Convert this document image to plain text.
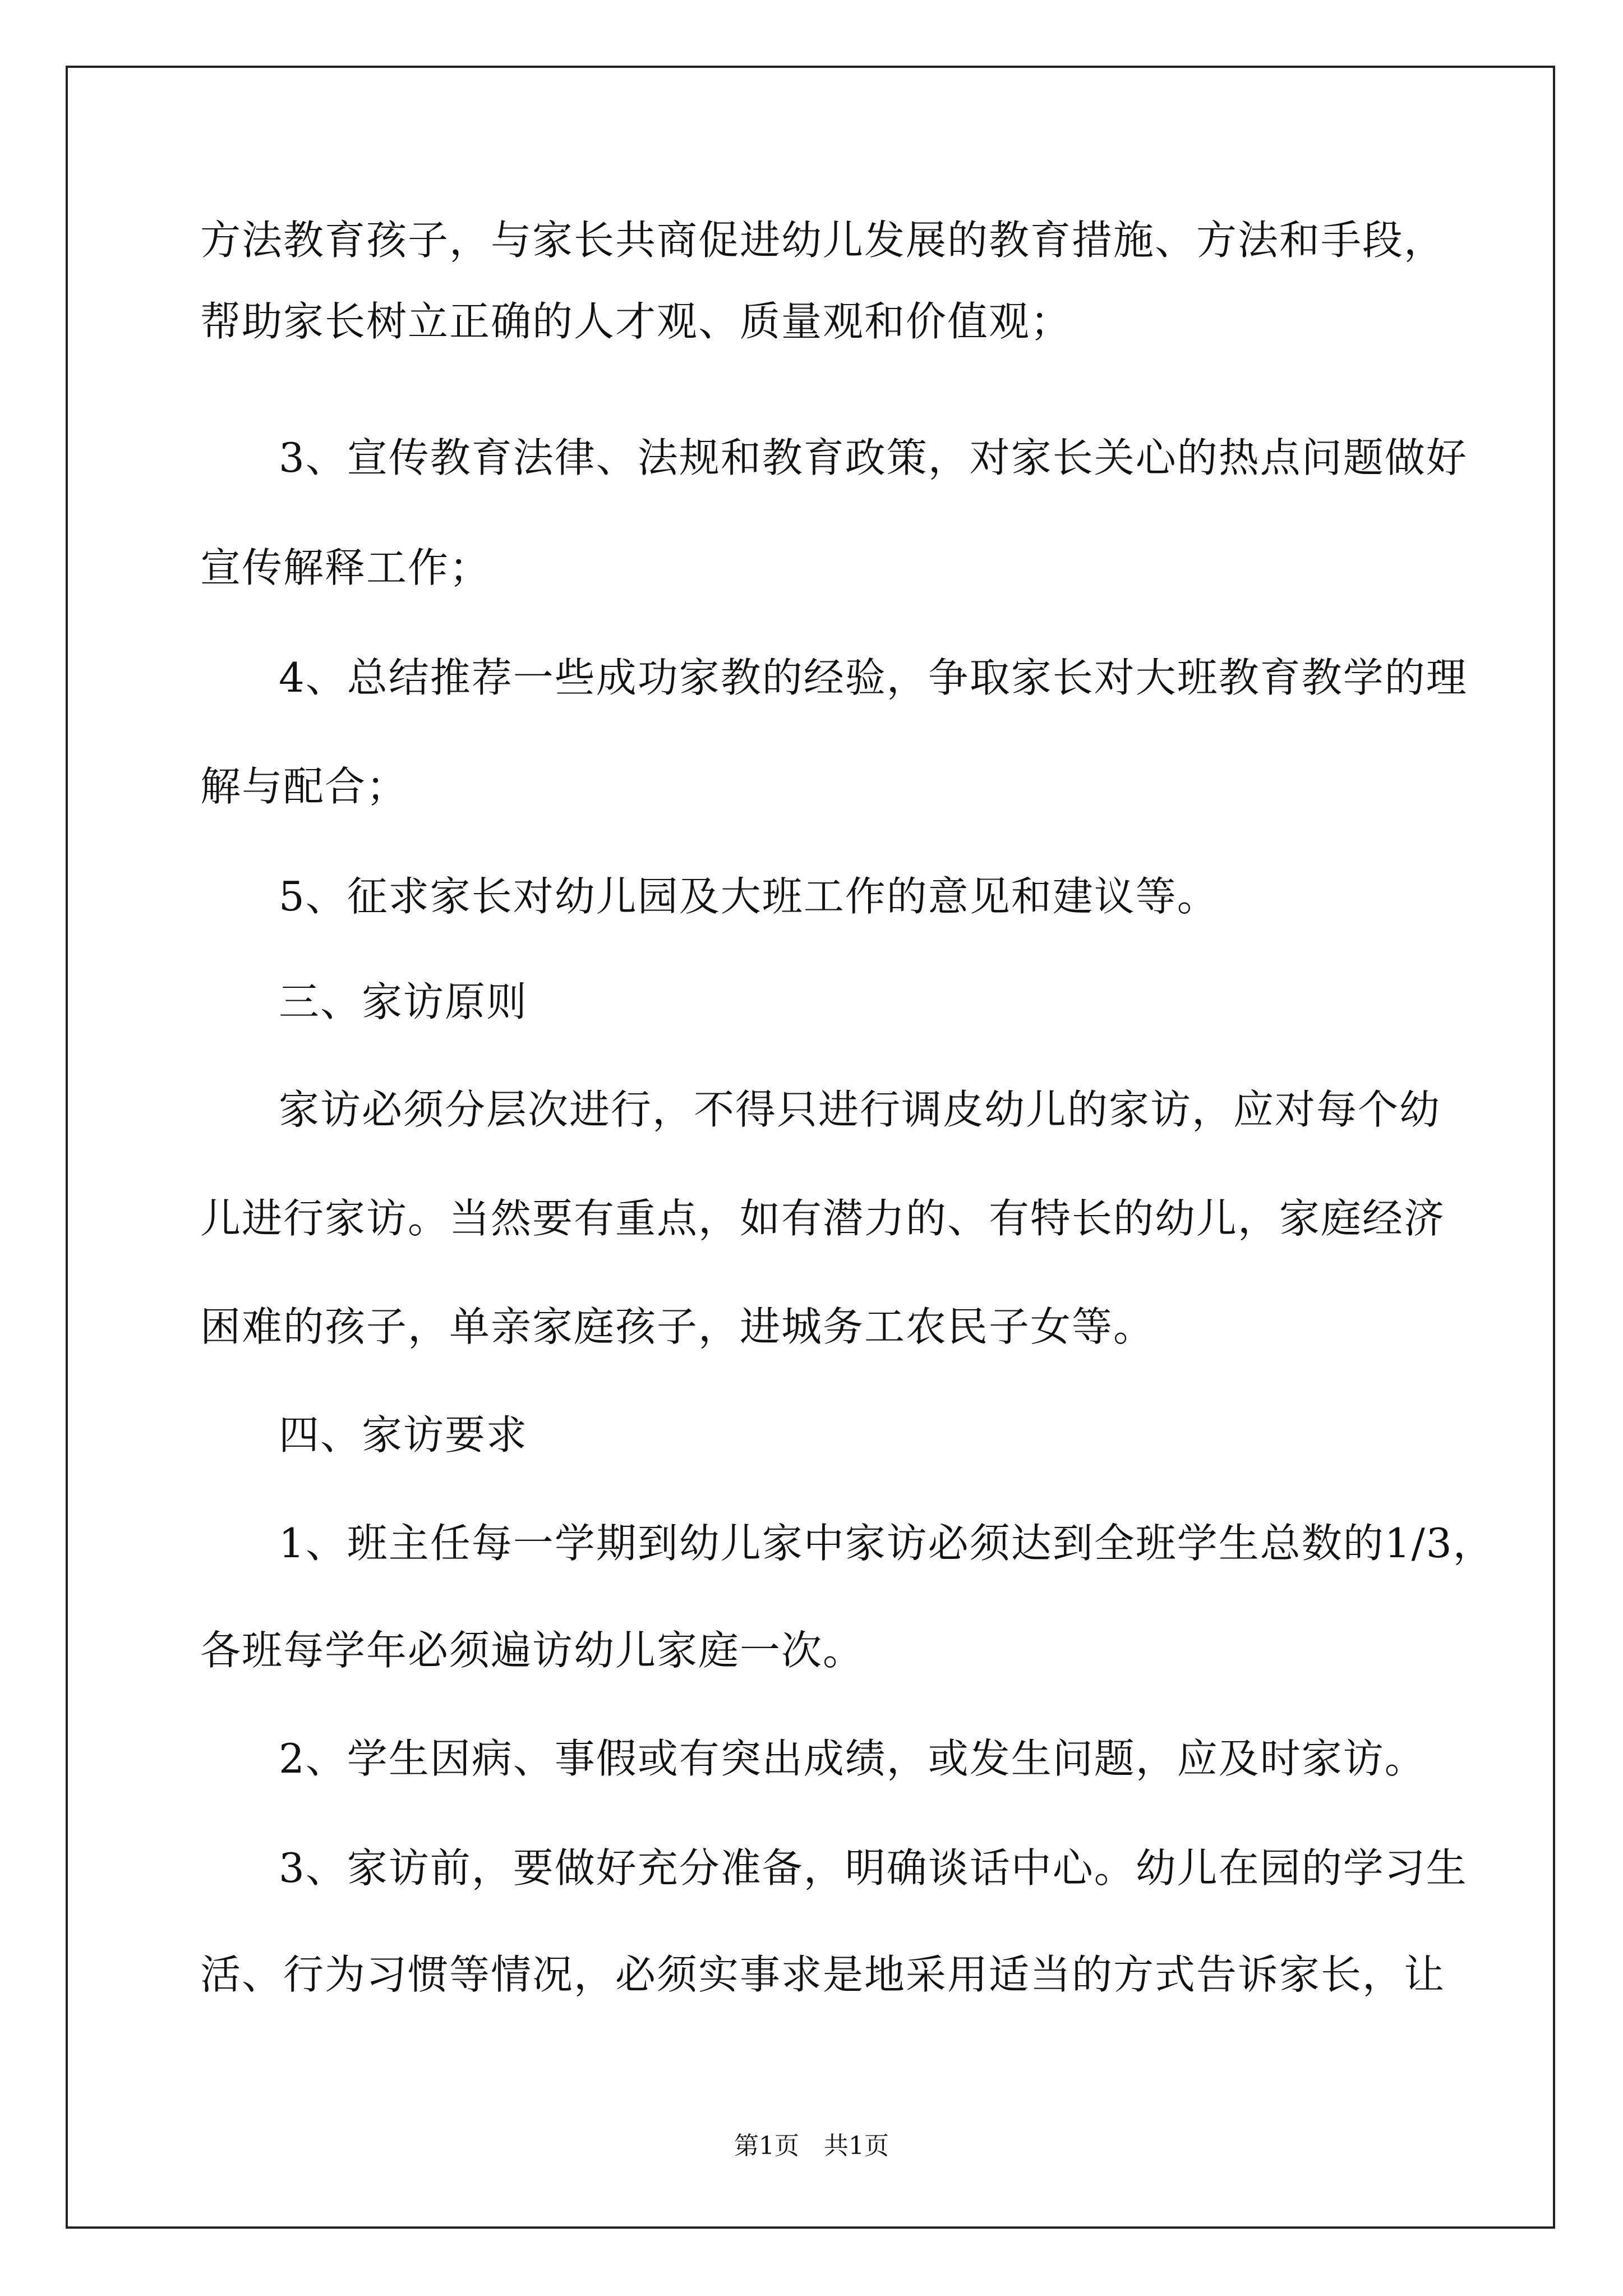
方法教育孩子，与家长共商促进幼儿发展的教育措施、方法和手段，

帮助家长树立正确的人才观、质量观和价值观；

3、宣传教育法律、法规和教育政策，对家长关心的热点问题做好

宣传解释工作；

4、总结推荐一些成功家教的经验，争取家长对大班教育教学的理

解与配合；

5、征求家长对幼儿园及大班工作的意见和建议等。

三、家访原则

家访必须分层次进行，不得只进行调皮幼儿的家访，应对每个幼

儿进行家访。当然要有重点，如有潜力的、有特长的幼儿，家庭经济

困难的孩子，单亲家庭孩子，进城务工农民子女等。

四、家访要求

1、班主任每一学期到幼儿家中家访必须达到全班学生总数的1/3，

各班每学年必须遍访幼儿家庭一次。

2、学生因病、事假或有突出成绩，或发生问题，应及时家访。

3、家访前，要做好充分准备，明确谈话中心。幼儿在园的学习生

活、行为习惯等情况，必须实事求是地采用适当的方式告诉家长，让

第1页　共1页
